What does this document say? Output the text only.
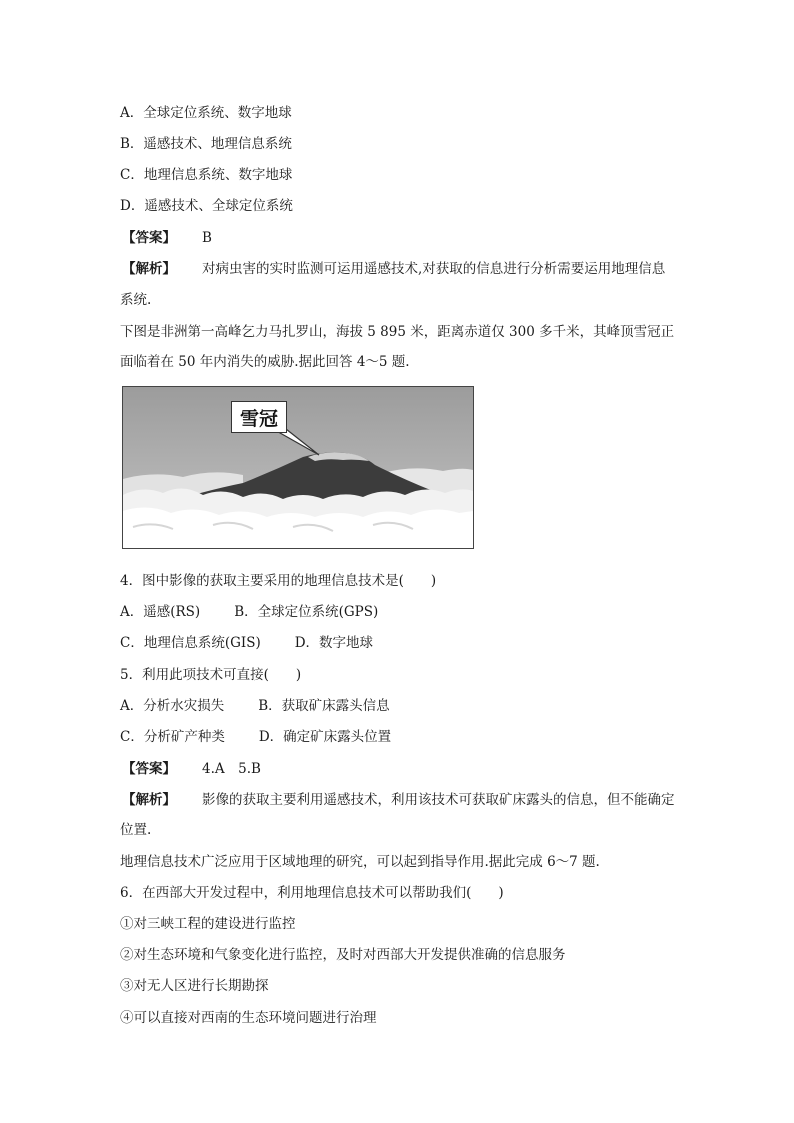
A．全球定位系统、数字地球
B．遥感技术、地理信息系统
C．地理信息系统、数字地球
D．遥感技术、全球定位系统
【答案】 B
【解析】 对病虫害的实时监测可运用遥感技术,对获取的信息进行分析需要运用地理信息
系统.
下图是非洲第一高峰乞力马扎罗山，海拔 5 895 米，距离赤道仅 300 多千米，其峰顶雪冠正
面临着在 50 年内消失的威胁.据此回答 4～5 题.
雪冠
4．图中影像的获取主要采用的地理信息技术是(　　)
A．遥感(RS)	B．全球定位系统(GPS)
C．地理信息系统(GIS)	D．数字地球
5．利用此项技术可直接(　　)
A．分析水灾损失	B．获取矿床露头信息
C．分析矿产种类	D．确定矿床露头位置
【答案】 4.A　5.B
【解析】 影像的获取主要利用遥感技术，利用该技术可获取矿床露头的信息，但不能确定
位置.
地理信息技术广泛应用于区域地理的研究，可以起到指导作用.据此完成 6～7 题.
6．在西部大开发过程中，利用地理信息技术可以帮助我们(　　)
①对三峡工程的建设进行监控
②对生态环境和气象变化进行监控，及时对西部大开发提供准确的信息服务
③对无人区进行长期勘探
④可以直接对西南的生态环境问题进行治理
